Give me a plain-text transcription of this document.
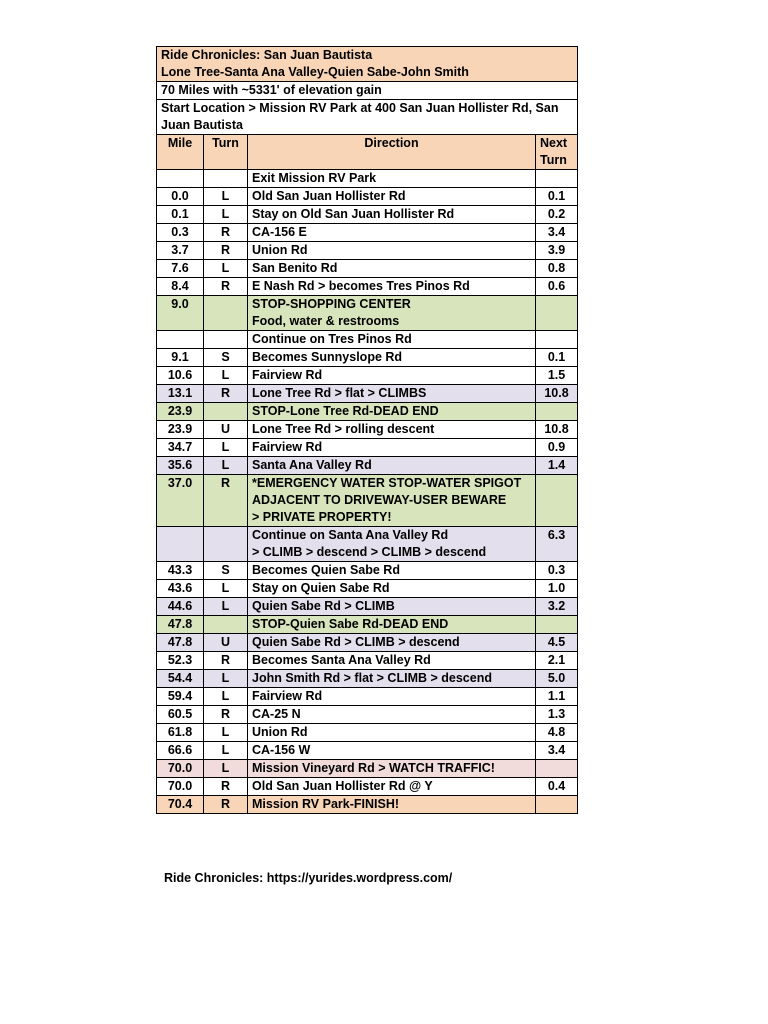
Ride Chronicles: San Juan Bautista
Lone Tree-Santa Ana Valley-Quien Sabe-John Smith			

70 Miles with ~5331' of elevation gain			
Start Location > Mission RV Park at 400 San Juan Hollister Rd, San Juan Bautista			
Mile	Turn	Direction	Next Turn
		Exit Mission RV Park	
0.0	L	Old San Juan Hollister Rd	0.1
0.1	L	Stay on Old San Juan Hollister Rd	0.2
0.3	R	CA-156 E	3.4
3.7	R	Union Rd	3.9
7.6	L	San Benito Rd	0.8
8.4	R	E Nash Rd > becomes Tres Pinos Rd	0.6
9.0		STOP-SHOPPING CENTER
Food, water & restrooms	
		Continue on Tres Pinos Rd	
9.1	S	Becomes Sunnyslope Rd	0.1
10.6	L	Fairview Rd	1.5
13.1	R	Lone Tree Rd > flat > CLIMBS	10.8
23.9		STOP-Lone Tree Rd-DEAD END	
23.9	U	Lone Tree Rd > rolling descent	10.8
34.7	L	Fairview Rd	0.9
35.6	L	Santa Ana Valley Rd	1.4
37.0	R	*EMERGENCY WATER STOP-WATER SPIGOT
ADJACENT TO DRIVEWAY-USER BEWARE
> PRIVATE PROPERTY!	
		Continue on Santa Ana Valley Rd
> CLIMB > descend > CLIMB > descend	6.3
43.3	S	Becomes Quien Sabe Rd	0.3
43.6	L	Stay on Quien Sabe Rd	1.0
44.6	L	Quien Sabe Rd > CLIMB	3.2
47.8		STOP-Quien Sabe Rd-DEAD END	
47.8	U	Quien Sabe Rd > CLIMB > descend	4.5
52.3	R	Becomes Santa Ana Valley Rd	2.1
54.4	L	John Smith Rd > flat > CLIMB > descend	5.0
59.4	L	Fairview Rd	1.1
60.5	R	CA-25 N	1.3
61.8	L	Union Rd	4.8
66.6	L	CA-156 W	3.4
70.0	L	Mission Vineyard Rd > WATCH TRAFFIC!	
70.0	R	Old San Juan Hollister Rd @ Y	0.4
70.4	R	Mission RV Park-FINISH!	
Ride Chronicles: https://yurides.wordpress.com/
